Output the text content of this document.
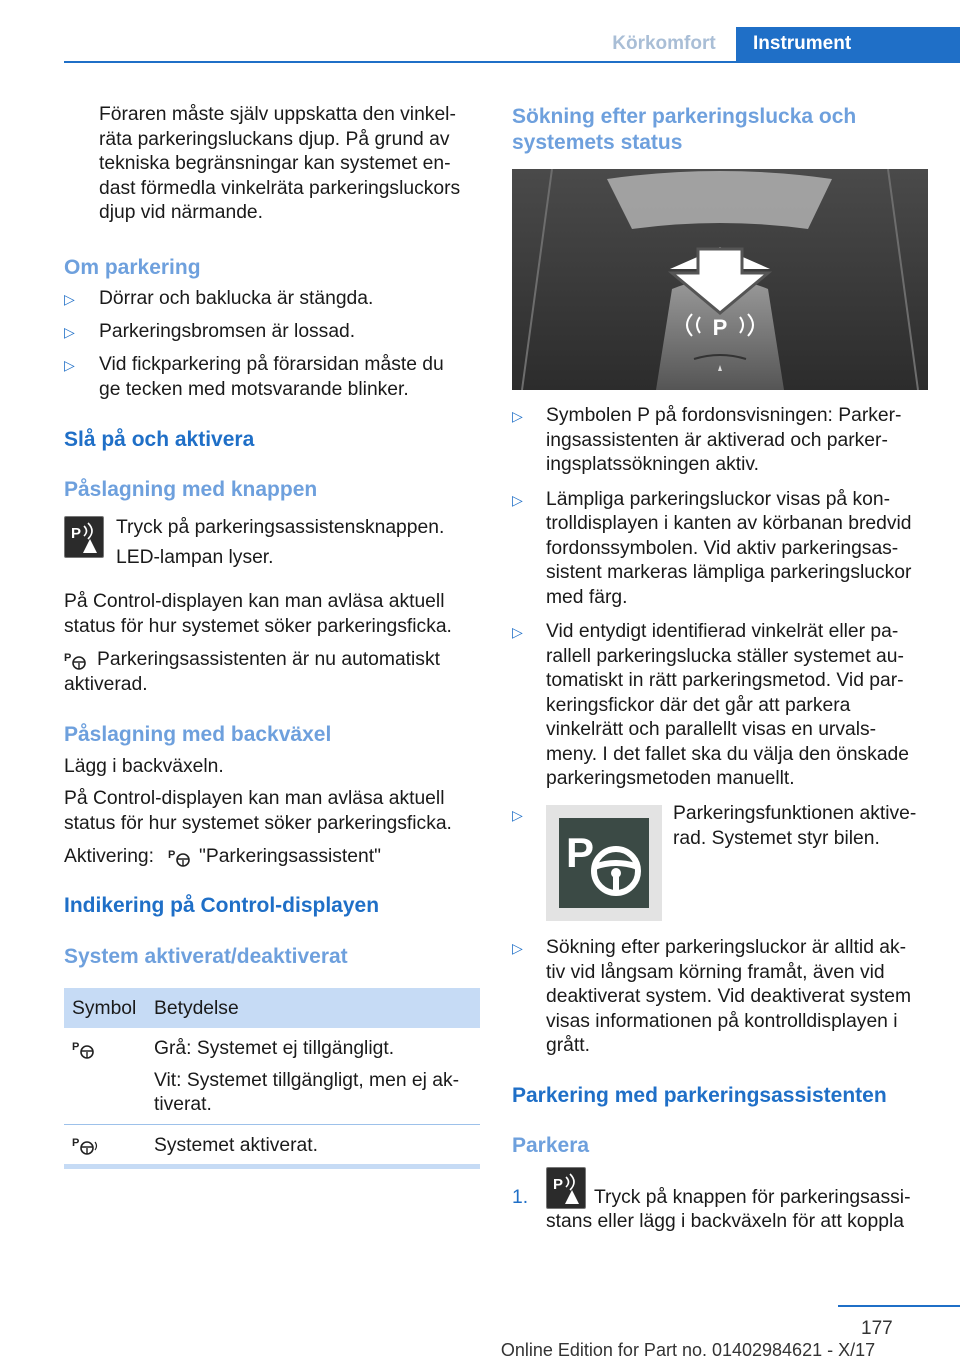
Körkomfort	Instrument
Föraren måste själv uppskatta den vinkel-
räta parkeringsluckans djup. På grund av
tekniska begränsningar kan systemet en-
dast förmedla vinkelräta parkeringsluckors
djup vid närmande.
Om parkering
▷ Dörrar och baklucka är stängda.
▷ Parkeringsbromsen är lossad.
▷ Vid fickparkering på förarsidan måste du
ge tecken med motsvarande blinker.
Slå på och aktivera
Påslagning med knappen
P Tryck på parkeringsassistensknappen.
LED-lampan lyser.
På Control-displayen kan man avläsa aktuell
status för hur systemet söker parkeringsficka.
P Parkeringsassistenten är nu automatiskt
aktiverad.
Påslagning med backväxel
Lägg i backväxeln.
På Control-displayen kan man avläsa aktuell
status för hur systemet söker parkeringsficka.
Aktivering: P "Parkeringsassistent"
Indikering på Control-displayen
System aktiverat/deaktiverat
Symbol Betydelse
P	Grå: Systemet ej tillgängligt.
Vit: Systemet tillgängligt, men ej ak-
tiverat.
P	Systemet aktiverat.
Sökning efter parkeringslucka och
systemets status
P
▷ Symbolen P på fordonsvisningen: Parker-
ingsassistenten är aktiverad och parker-
ingsplatssökningen aktiv.
▷ Lämpliga parkeringsluckor visas på kon-
trolldisplayen i kanten av körbanan bredvid
fordonssymbolen. Vid aktiv parkeringsas-
sistent markeras lämpliga parkeringsluckor
med färg.
▷ Vid entydigt identifierad vinkelrät eller pa-
rallell parkeringslucka ställer systemet au-
tomatiskt in rätt parkeringsmetod. Vid par-
keringsfickor där det går att parkera
vinkelrätt och parallellt visas en urvals-
meny. I det fallet ska du välja den önskade
parkeringsmetoden manuellt.
▷
P
Parkeringsfunktionen aktive-
rad. Systemet styr bilen.
▷ Sökning efter parkeringsluckor är alltid ak-
tiv vid långsam körning framåt, även vid
deaktiverat system. Vid deaktiverat system
visas informationen på kontrolldisplayen i
grått.
Parkering med parkeringsassistenten
Parkera
1.
P
Tryck på knappen för parkeringsassi-
stans eller lägg i backväxeln för att koppla
177
Online Edition for Part no. 01402984621 - X/17
